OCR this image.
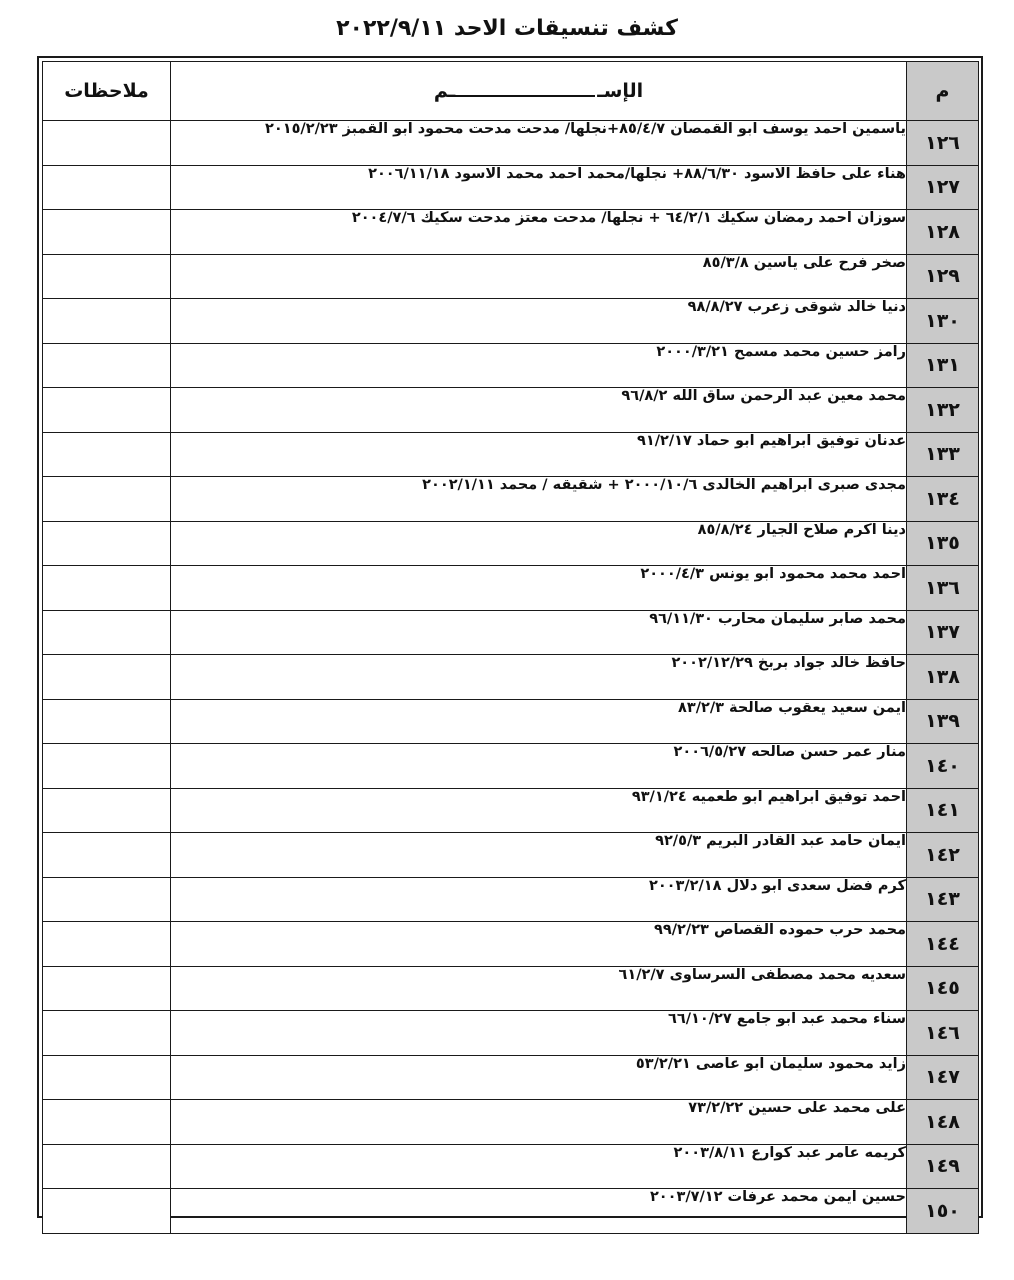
كشف تنسيقات الاحد ٢٠٢٢/٩/١١
م	الإســم	ملاحظات
١٢٦	ياسمين احمد يوسف ابو القمصان ٨٥/٤/٧+نجلها/ مدحت مدحت محمود ابو القمبز ٢٠١٥/٢/٢٣	
١٢٧	هناء على حافظ الاسود ٨٨/٦/٣٠+ نجلها/محمد احمد محمد الاسود ٢٠٠٦/١١/١٨	
١٢٨	سوزان احمد رمضان سكيك ٦٤/٢/١ + نجلها/ مدحت معتز مدحت سكيك ٢٠٠٤/٧/٦	
١٢٩	صخر فرح على ياسين ٨٥/٣/٨	
١٣٠	دنيا خالد شوقى زعرب ٩٨/٨/٢٧	
١٣١	رامز حسين محمد مسمح ٢٠٠٠/٣/٢١	
١٣٢	محمد معين عبد الرحمن ساق الله ٩٦/٨/٢	
١٣٣	عدنان توفيق ابراهيم ابو حماد ٩١/٢/١٧	
١٣٤	مجدى صبرى ابراهيم الخالدى ٢٠٠٠/١٠/٦ + شقيقه / محمد ٢٠٠٢/١/١١	
١٣٥	دينا اكرم صلاح الجيار ٨٥/٨/٢٤	
١٣٦	احمد محمد محمود ابو يونس ٢٠٠٠/٤/٣	
١٣٧	محمد صابر سليمان محارب ٩٦/١١/٣٠	
١٣٨	حافظ خالد جواد بربخ ٢٠٠٢/١٢/٢٩	
١٣٩	ايمن سعيد يعقوب صالحة ٨٣/٢/٣	
١٤٠	منار عمر حسن صالحه ٢٠٠٦/٥/٢٧	
١٤١	احمد توفيق ابراهيم ابو طعميه ٩٣/١/٢٤	
١٤٢	ايمان حامد عبد القادر البريم ٩٢/٥/٣	
١٤٣	كرم فضل سعدى ابو دلال ٢٠٠٣/٢/١٨	
١٤٤	محمد حرب حموده القصاص ٩٩/٢/٢٣	
١٤٥	سعديه محمد مصطفى السرساوى ٦١/٢/٧	
١٤٦	سناء محمد عبد ابو جامع ٦٦/١٠/٢٧	
١٤٧	زايد محمود سليمان ابو عاصى ٥٣/٢/٢١	
١٤٨	على محمد على حسين ٧٣/٢/٢٢	
١٤٩	كريمه عامر عبد كوارع ٢٠٠٣/٨/١١	
١٥٠	حسين ايمن محمد عرفات ٢٠٠٣/٧/١٢	
